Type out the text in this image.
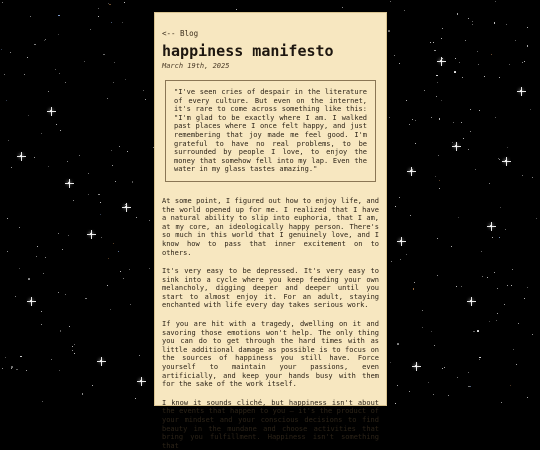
<-- Blog
happiness manifesto
March 19th, 2025
"I've seen cries of despair in the literature of every culture. But even on the internet, it's rare to come across something like this: "I'm glad to be exactly where I am. I walked past places where I once felt happy, and just remembering that joy made me feel good. I'm grateful to have no real problems, to be surrounded by people I love, to enjoy the money that somehow fell into my lap. Even the water in my glass tastes amazing."

At some point, I figured out how to enjoy life, and the world opened up for me. I realized that I have a natural ability to slip into euphoria, that I am, at my core, an ideologically happy person. There's so much in this world that I genuinely love, and I know how to pass that inner excitement on to others.

It's very easy to be depressed. It's very easy to sink into a cycle where you keep feeding your own melancholy, digging deeper and deeper until you start to almost enjoy it. For an adult, staying enchanted with life every day takes serious work.

If you are hit with a tragedy, dwelling on it and savoring those emotions won't help. The only thing you can do to get through the hard times with as little additional damage as possible is to focus on the sources of happiness you still have. Force yourself to maintain your passions, even artificially, and keep your hands busy with them for the sake of the work itself.

I know it sounds cliché, but happiness isn't about the events that happen to you — it's the product of your mindset and your conscious decisions to find beauty in the mundane and choose activities that bring you fulfillment. Happiness isn't something that
